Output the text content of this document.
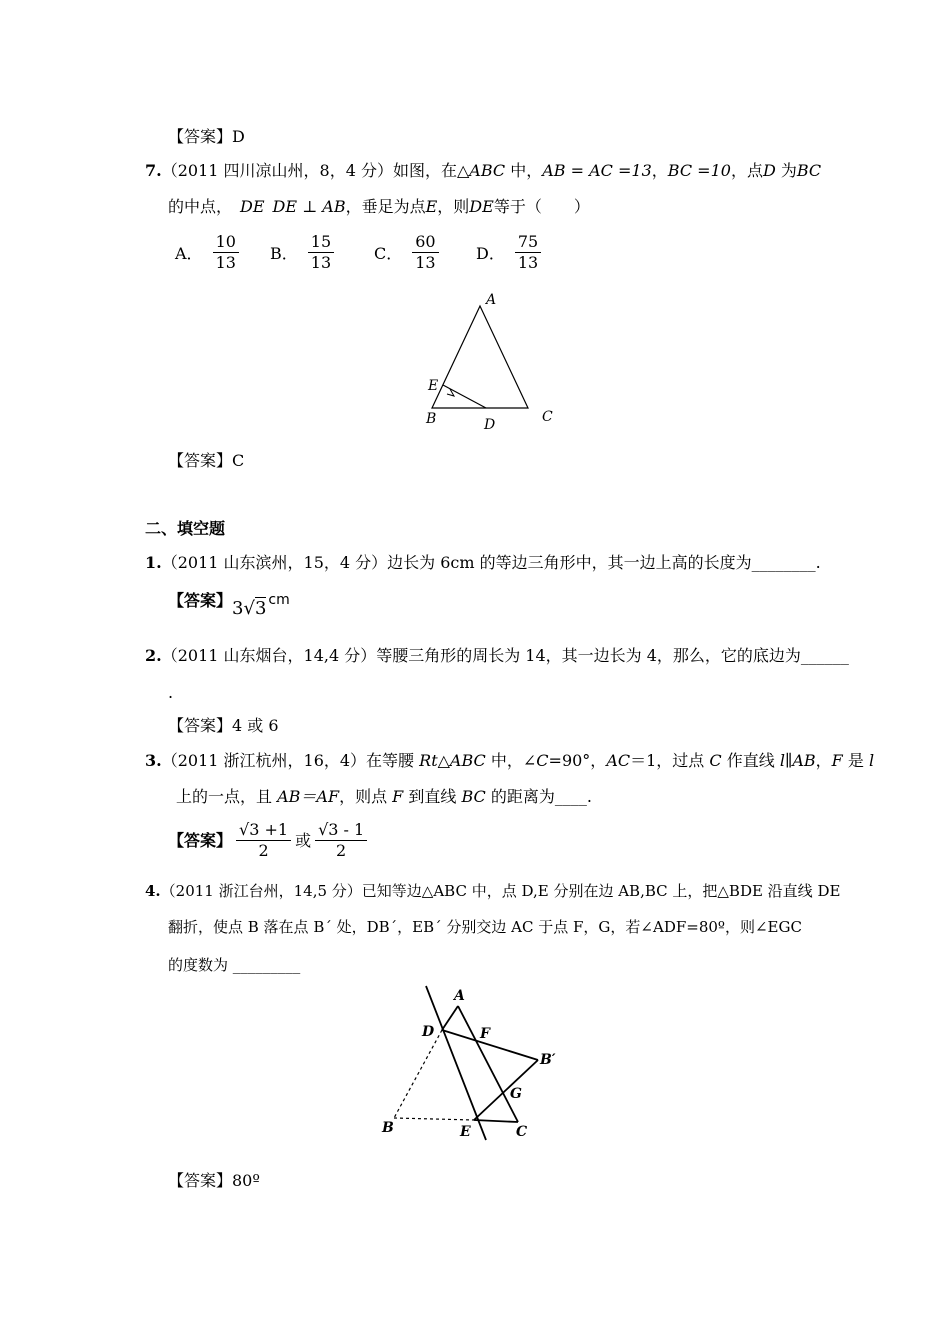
【答案】D
7.（2011 四川凉山州，8，4 分）如图，在△ABC 中，AB = AC =13，BC =10，点D 为BC
的中点， DE DE ⊥ AB，垂足为点E，则DE等于（　　）
A． $\frac{10}{13}$ B． $\frac{15}{13}$ C． $\frac{60}{13}$ D． $\frac{75}{13}$
A
B	C
D
E
【答案】C
二、填空题
1.（2011 山东滨州，15，4 分）边长为 6cm 的等边三角形中，其一边上高的长度为________.
【答案】3√3 cm
2.（2011 山东烟台，14,4 分）等腰三角形的周长为 14，其一边长为 4，那么，它的底边为______
.
【答案】4 或 6
3.（2011 浙江杭州，16，4）在等腰 Rt△ABC 中，∠C=90°，AC＝1，过点 C 作直线 l∥AB，F 是 l
上的一点，且 AB＝AF，则点 F 到直线 BC 的距离为____.
【答案】 $\frac{√3 +1}{2}$ 或 $\frac{√3 - 1}{2}$
4.（2011 浙江台州，14,5 分）已知等边△ABC 中，点 D,E 分别在边 AB,BC 上，把△BDE 沿直线 DE
翻折，使点 B 落在点 B´ 处，DB´，EB´ 分别交边 AC 于点 F，G，若∠ADF=80º，则∠EGC
的度数为 _________
A
D	F
B′
G
B	E	C
【答案】80º
